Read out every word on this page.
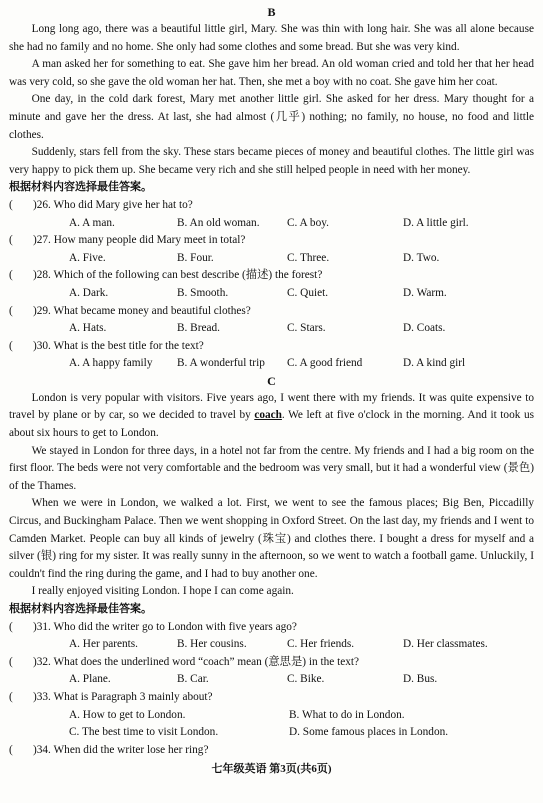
B

Long long ago, there was a beautiful little girl, Mary. She was thin with long hair. She was all alone because she had no family and no home. She only had some clothes and some bread. But she was very kind.

A man asked her for something to eat. She gave him her bread. An old woman cried and told her that her head was very cold, so she gave the old woman her hat. Then, she met a boy with no coat. She gave him her coat.

One day, in the cold dark forest, Mary met another little girl. She asked for her dress. Mary thought for a minute and gave her the dress. At last, she had almost (几乎) nothing; no family, no house, no food and little clothes.

Suddenly, stars fell from the sky. These stars became pieces of money and beautiful clothes. The little girl was very happy to pick them up. She became very rich and she still helped people in need with her money.

根据材料内容选择最佳答案。

(	)26. Who did Mary give her hat to?
A. A man.	B. An old woman.	C. A boy.	D. A little girl.
(	)27. How many people did Mary meet in total?
A. Five.	B. Four.	C. Three.	D. Two.
(	)28. Which of the following can best describe (描述) the forest?
A. Dark.	B. Smooth.	C. Quiet.	D. Warm.
(	)29. What became money and beautiful clothes?
A. Hats.	B. Bread.	C. Stars.	D. Coats.
(	)30. What is the best title for the text?
A. A happy family	B. A wonderful trip	C. A good friend	D. A kind girl
C

London is very popular with visitors. Five years ago, I went there with my friends. It was quite expensive to travel by plane or by car, so we decided to travel by coach. We left at five o'clock in the morning. And it took us about six hours to get to London.

We stayed in London for three days, in a hotel not far from the centre. My friends and I had a big room on the first floor. The beds were not very comfortable and the bedroom was very small, but it had a wonderful view (景色) of the Thames.

When we were in London, we walked a lot. First, we went to see the famous places; Big Ben, Piccadilly Circus, and Buckingham Palace. Then we went shopping in Oxford Street. On the last day, my friends and I went to Camden Market. People can buy all kinds of jewelry (珠宝) and clothes there. I bought a dress for myself and a silver (银) ring for my sister. It was really sunny in the afternoon, so we went to watch a football game. Unluckily, I couldn't find the ring during the game, and I had to buy another one.

I really enjoyed visiting London. I hope I can come again.

根据材料内容选择最佳答案。

(	)31. Who did the writer go to London with five years ago?
A. Her parents.	B. Her cousins.	C. Her friends.	D. Her classmates.
(	)32. What does the underlined word “coach” mean (意思是) in the text?
A. Plane.	B. Car.	C. Bike.	D. Bus.
(	)33. What is Paragraph 3 mainly about?
A. How to get to London.	B. What to do in London.
C. The best time to visit London.	D. Some famous places in London.
(	)34. When did the writer lose her ring?
七年级英语 第3页(共6页)
